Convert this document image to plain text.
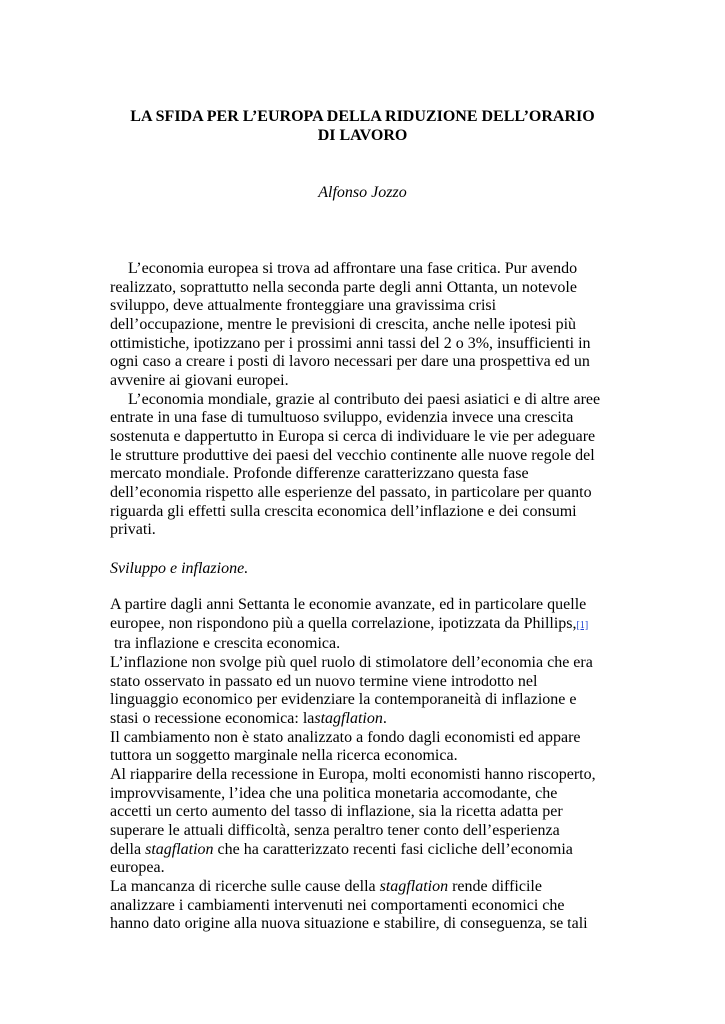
LA SFIDA PER L’EUROPA DELLA RIDUZIONE DELL’ORARIO
DI LAVORO
Alfonso Jozzo
L’economia europea si trova ad affrontare una fase critica. Pur avendo
realizzato, soprattutto nella seconda parte degli anni Ottanta, un notevole
sviluppo, deve attualmente fronteggiare una gravissima crisi
dell’occupazione, mentre le previsioni di crescita, anche nelle ipotesi più
ottimistiche, ipotizzano per i prossimi anni tassi del 2 o 3%, insufficienti in
ogni caso a creare i posti di lavoro necessari per dare una prospettiva ed un
avvenire ai giovani europei.
L’economia mondiale, grazie al contributo dei paesi asiatici e di altre aree
entrate in una fase di tumultuoso sviluppo, evidenzia invece una crescita
sostenuta e dappertutto in Europa si cerca di individuare le vie per adeguare
le strutture produttive dei paesi del vecchio continente alle nuove regole del
mercato mondiale. Profonde differenze caratterizzano questa fase
dell’economia rispetto alle esperienze del passato, in particolare per quanto
riguarda gli effetti sulla crescita economica dell’inflazione e dei consumi
privati.
Sviluppo e inflazione.
A partire dagli anni Settanta le economie avanzate, ed in particolare quelle
europee, non rispondono più a quella correlazione, ipotizzata da Phillips,[1]
tra inflazione e crescita economica.
L’inflazione non svolge più quel ruolo di stimolatore dell’economia che era
stato osservato in passato ed un nuovo termine viene introdotto nel
linguaggio economico per evidenziare la contemporaneità di inflazione e
stasi o recessione economica: lastagflation.
Il cambiamento non è stato analizzato a fondo dagli economisti ed appare
tuttora un soggetto marginale nella ricerca economica.
Al riapparire della recessione in Europa, molti economisti hanno riscoperto,
improvvisamente, l’idea che una politica monetaria accomodante, che
accetti un certo aumento del tasso di inflazione, sia la ricetta adatta per
superare le attuali difficoltà, senza peraltro tener conto dell’esperienza
della stagflation che ha caratterizzato recenti fasi cicliche dell’economia
europea.
La mancanza di ricerche sulle cause della stagflation rende difficile
analizzare i cambiamenti intervenuti nei comportamenti economici che
hanno dato origine alla nuova situazione e stabilire, di conseguenza, se tali
